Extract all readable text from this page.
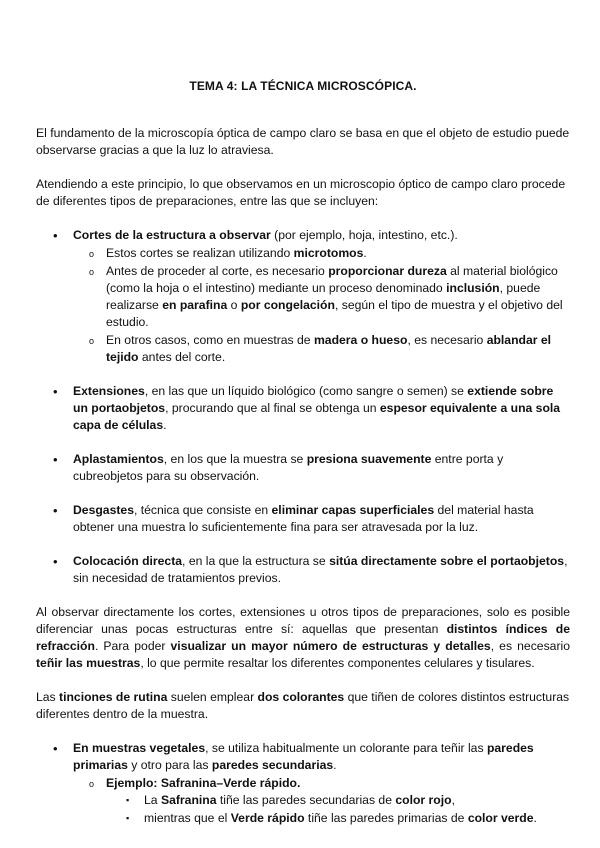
TEMA 4: LA TÉCNICA MICROSCÓPICA.

El fundamento de la microscopía óptica de campo claro se basa en que el objeto de estudio puede observarse gracias a que la luz lo atraviesa.

Atendiendo a este principio, lo que observamos en un microscopio óptico de campo claro procede de diferentes tipos de preparaciones, entre las que se incluyen:

• Cortes de la estructura a observar (por ejemplo, hoja, intestino, etc.).
o Estos cortes se realizan utilizando microtomos.
o Antes de proceder al corte, es necesario proporcionar dureza al material biológico (como la hoja o el intestino) mediante un proceso denominado inclusión, puede realizarse en parafina o por congelación, según el tipo de muestra y el objetivo del estudio.
o En otros casos, como en muestras de madera o hueso, es necesario ablandar el tejido antes del corte.
• Extensiones, en las que un líquido biológico (como sangre o semen) se extiende sobre un portaobjetos, procurando que al final se obtenga un espesor equivalente a una sola capa de células.
• Aplastamientos, en los que la muestra se presiona suavemente entre porta y cubreobjetos para su observación.
• Desgastes, técnica que consiste en eliminar capas superficiales del material hasta obtener una muestra lo suficientemente fina para ser atravesada por la luz.
• Colocación directa, en la que la estructura se sitúa directamente sobre el portaobjetos, sin necesidad de tratamientos previos.

Al observar directamente los cortes, extensiones u otros tipos de preparaciones, solo es posible diferenciar unas pocas estructuras entre sí: aquellas que presentan distintos índices de refracción. Para poder visualizar un mayor número de estructuras y detalles, es necesario teñir las muestras, lo que permite resaltar los diferentes componentes celulares y tisulares.

Las tinciones de rutina suelen emplear dos colorantes que tiñen de colores distintos estructuras diferentes dentro de la muestra.

• En muestras vegetales, se utiliza habitualmente un colorante para teñir las paredes primarias y otro para las paredes secundarias.
o Ejemplo: Safranina–Verde rápido.
▪ La Safranina tiñe las paredes secundarias de color rojo,
▪ mientras que el Verde rápido tiñe las paredes primarias de color verde.
